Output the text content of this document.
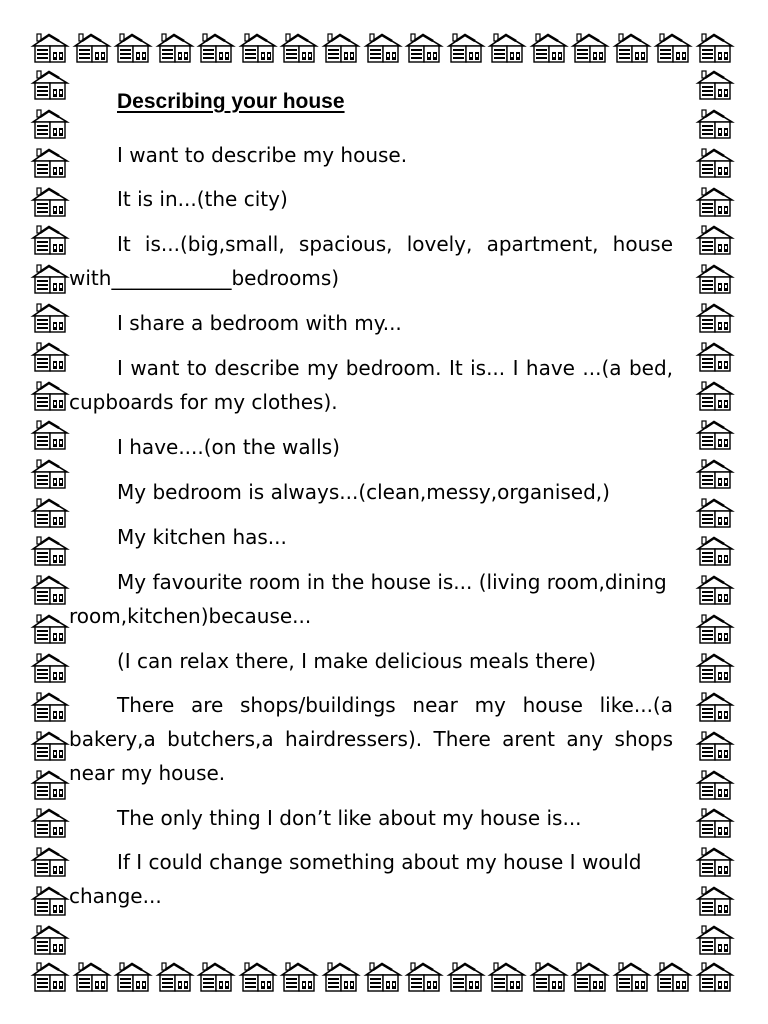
Describing your house
I want to describe my house.
It is in...(the city)
It is...(big,small, spacious, lovely, apartment, house with____________bedrooms)
I share a bedroom with my...
I want to describe my bedroom. It is... I have ...(a bed, cupboards for my clothes).
I have....(on the walls)
My bedroom is always...(clean,messy,organised,)
My kitchen has...
My favourite room in the house is... (living room,dining room,kitchen)because...
(I can relax there, I make delicious meals there)
There are shops/buildings near my house like...(a bakery,a butchers,a hairdressers). There arent any shops near my house.
The only thing I don’t like about my house is...
If I could change something about my house I would change...
